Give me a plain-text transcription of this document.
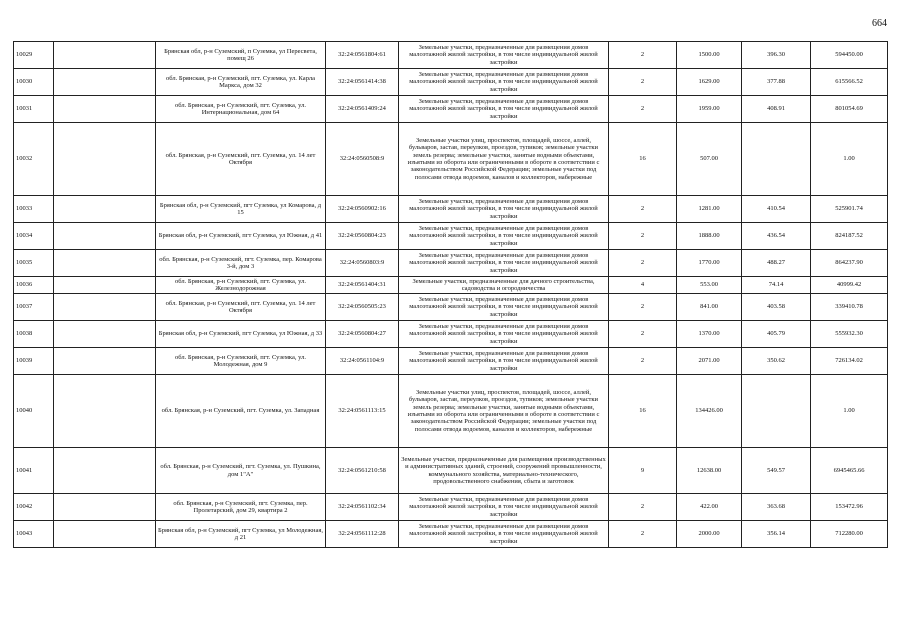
664
10029		Брянская обл, р-н Суземский, п Суземка, ул Пересвета, помещ 26	32:24:0561804:61	Земельные участки, предназначенные для размещения домов малоэтажной жилой застройки, в том числе индивидуальной жилой застройки	2	1500.00	396.30	594450.00
10030		обл. Брянская, р-н Суземский, пгт. Суземка, ул. Карла Маркса, дом 32	32:24:0561414:38	Земельные участки, предназначенные для размещения домов малоэтажной жилой застройки, в том числе индивидуальной жилой застройки	2	1629.00	377.88	615566.52
10031		обл. Брянская, р-н Суземский, пгт. Суземка, ул. Интернациональная, дом 64	32:24:0561409:24	Земельные участки, предназначенные для размещения домов малоэтажной жилой застройки, в том числе индивидуальной жилой застройки	2	1959.00	408.91	801054.69
10032		обл. Брянская, р-н Суземский, пгт. Суземка, ул. 14 лет Октября	32:24:0560508:9	Земельные участки улиц, проспектов, площадей, шоссе, аллей, бульваров, застав, переулков, проездов, тупиков; земельные участки земель резерва; земельные участки, занятые водными объектами, изъятыми из оборота или ограниченными в обороте в соответствии с законодательством Российской Федерации; земельные участки под полосами отвода водоемов, каналов и коллекторов, набережные	16	507.00		1.00
10033		Брянская обл, р-н Суземский, пгт Суземка, ул Комарова, д 15	32:24:0560902:16	Земельные участки, предназначенные для размещения домов малоэтажной жилой застройки, в том числе индивидуальной жилой застройки	2	1281.00	410.54	525901.74
10034		Брянская обл, р-н Суземский, пгт Суземка, ул Южная, д 41	32:24:0560804:23	Земельные участки, предназначенные для размещения домов малоэтажной жилой застройки, в том числе индивидуальной жилой застройки	2	1888.00	436.54	824187.52
10035		обл. Брянская, р-н Суземский, пгт. Суземка, пер. Комарова 3-й, дом 3	32:24:0560803:9	Земельные участки, предназначенные для размещения домов малоэтажной жилой застройки, в том числе индивидуальной жилой застройки	2	1770.00	488.27	864237.90
10036		обл. Брянская, р-н Суземский, пгт. Суземка, ул. Железнодорожная	32:24:0561404:31	Земельные участки, предназначенные для дачного строительства, садоводства и огородничества	4	553.00	74.14	40999.42
10037		обл. Брянская, р-н Суземский, пгт. Суземка, ул. 14 лет Октября	32:24:0560505:23	Земельные участки, предназначенные для размещения домов малоэтажной жилой застройки, в том числе индивидуальной жилой застройки	2	841.00	403.58	339410.78
10038		Брянская обл, р-н Суземский, пгт Суземка, ул Южная, д 33	32:24:0560804:27	Земельные участки, предназначенные для размещения домов малоэтажной жилой застройки, в том числе индивидуальной жилой застройки	2	1370.00	405.79	555932.30
10039		обл. Брянская, р-н Суземский, пгт. Суземка, ул. Молодежная, дом 9	32:24:0561104:9	Земельные участки, предназначенные для размещения домов малоэтажной жилой застройки, в том числе индивидуальной жилой застройки	2	2071.00	350.62	726134.02
10040		обл. Брянская, р-н Суземский, пгт. Суземка, ул. Западная	32:24:0561113:15	Земельные участки улиц, проспектов, площадей, шоссе, аллей, бульваров, застав, переулков, проездов, тупиков; земельные участки земель резерва; земельные участки, занятые водными объектами, изъятыми из оборота или ограниченными в обороте в соответствии с законодательством Российской Федерации; земельные участки под полосами отвода водоемов, каналов и коллекторов, набережные	16	134426.00		1.00
10041		обл. Брянская, р-н Суземский, пгт. Суземка, ул. Пушкина, дом 1"А"	32:24:0561210:58	Земельные участки, предназначенные для размещения производственных и административных зданий, строений, сооружений промышленности, коммунального хозяйства, материально-технического, продовольственного снабжения, сбыта и заготовок	9	12638.00	549.57	6945465.66
10042		обл. Брянская, р-н Суземский, пгт. Суземка, пер. Пролетарский, дом 29, квартира 2	32:24:0561102:34	Земельные участки, предназначенные для размещения домов малоэтажной жилой застройки, в том числе индивидуальной жилой застройки	2	422.00	363.68	153472.96
10043		Брянская обл, р-н Суземский, пгт Суземка, ул Молодежная, д 21	32:24:0561112:28	Земельные участки, предназначенные для размещения домов малоэтажной жилой застройки, в том числе индивидуальной жилой застройки	2	2000.00	356.14	712280.00
